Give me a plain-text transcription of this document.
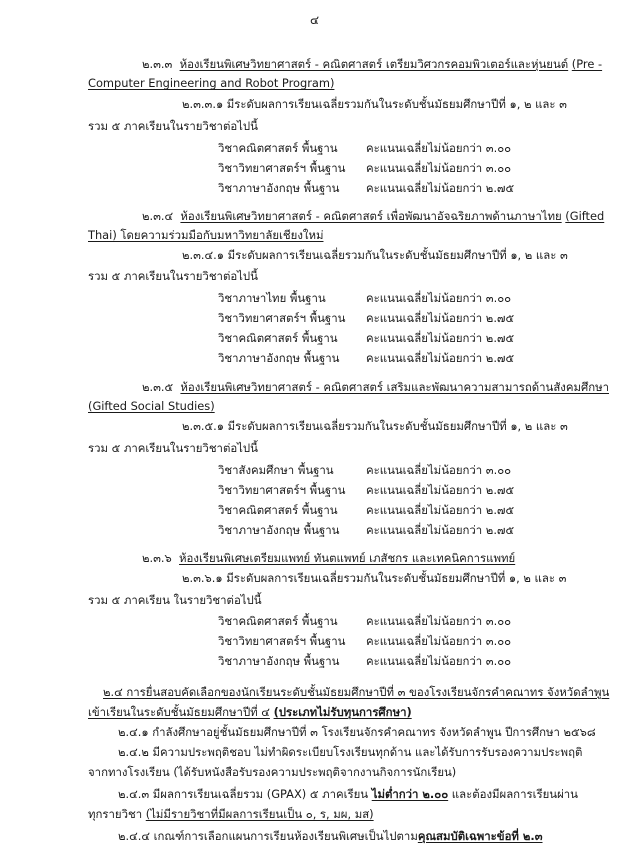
๔
๒.๓.๓ ห้องเรียนพิเศษวิทยาศาสตร์ - คณิตศาสตร์ เตรียมวิศวกรคอมพิวเตอร์และหุ่นยนต์ (Pre -
Computer Engineering and Robot Program)
๒.๓.๓.๑ มีระดับผลการเรียนเฉลี่ยรวมกันในระดับชั้นมัธยมศึกษาปีที่ ๑, ๒ และ ๓
รวม ๕ ภาคเรียนในรายวิชาต่อไปนี้
วิชาคณิตศาสตร์ พื้นฐาน คะแนนเฉลี่ยไม่น้อยกว่า ๓.๐๐
วิชาวิทยาศาสตร์ฯ พื้นฐาน คะแนนเฉลี่ยไม่น้อยกว่า ๓.๐๐
วิชาภาษาอังกฤษ พื้นฐาน คะแนนเฉลี่ยไม่น้อยกว่า ๒.๗๕
๒.๓.๔ ห้องเรียนพิเศษวิทยาศาสตร์ - คณิตศาสตร์ เพื่อพัฒนาอัจฉริยภาพด้านภาษาไทย (Gifted
Thai) โดยความร่วมมือกับมหาวิทยาลัยเชียงใหม่
๒.๓.๔.๑ มีระดับผลการเรียนเฉลี่ยรวมกันในระดับชั้นมัธยมศึกษาปีที่ ๑, ๒ และ ๓
รวม ๕ ภาคเรียนในรายวิชาต่อไปนี้
วิชาภาษาไทย พื้นฐาน	คะแนนเฉลี่ยไม่น้อยกว่า ๓.๐๐
วิชาวิทยาศาสตร์ฯ พื้นฐาน คะแนนเฉลี่ยไม่น้อยกว่า ๒.๗๕
วิชาคณิตศาสตร์ พื้นฐาน คะแนนเฉลี่ยไม่น้อยกว่า ๒.๗๕
วิชาภาษาอังกฤษ พื้นฐาน คะแนนเฉลี่ยไม่น้อยกว่า ๒.๗๕
๒.๓.๕ ห้องเรียนพิเศษวิทยาศาสตร์ - คณิตศาสตร์ เสริมและพัฒนาความสามารถด้านสังคมศึกษา
(Gifted Social Studies)
๒.๓.๕.๑ มีระดับผลการเรียนเฉลี่ยรวมกันในระดับชั้นมัธยมศึกษาปีที่ ๑, ๒ และ ๓
รวม ๕ ภาคเรียนในรายวิชาต่อไปนี้
วิชาสังคมศึกษา พื้นฐาน	คะแนนเฉลี่ยไม่น้อยกว่า ๓.๐๐
วิชาวิทยาศาสตร์ฯ พื้นฐาน คะแนนเฉลี่ยไม่น้อยกว่า ๒.๗๕
วิชาคณิตศาสตร์ พื้นฐาน คะแนนเฉลี่ยไม่น้อยกว่า ๒.๗๕
วิชาภาษาอังกฤษ พื้นฐาน คะแนนเฉลี่ยไม่น้อยกว่า ๒.๗๕
๒.๓.๖ ห้องเรียนพิเศษเตรียมแพทย์ ทันตแพทย์ เภสัชกร และเทคนิคการแพทย์
๒.๓.๖.๑ มีระดับผลการเรียนเฉลี่ยรวมกันในระดับชั้นมัธยมศึกษาปีที่ ๑, ๒ และ ๓
รวม ๕ ภาคเรียน ในรายวิชาต่อไปนี้
วิชาคณิตศาสตร์ พื้นฐาน คะแนนเฉลี่ยไม่น้อยกว่า ๓.๐๐
วิชาวิทยาศาสตร์ฯ พื้นฐาน คะแนนเฉลี่ยไม่น้อยกว่า ๓.๐๐
วิชาภาษาอังกฤษ พื้นฐาน คะแนนเฉลี่ยไม่น้อยกว่า ๓.๐๐
๒.๔ การยื่นสอบคัดเลือกของนักเรียนระดับชั้นมัธยมศึกษาปีที่ ๓ ของโรงเรียนจักรคำคณาทร จังหวัดลำพูน
เข้าเรียนในระดับชั้นมัธยมศึกษาปีที่ ๔ (ประเภทไม่รับทุนการศึกษา)
๒.๔.๑ กำลังศึกษาอยู่ชั้นมัธยมศึกษาปีที่ ๓ โรงเรียนจักรคำคณาทร จังหวัดลำพูน ปีการศึกษา ๒๕๖๘
๒.๔.๒ มีความประพฤติชอบ ไม่ทำผิดระเบียบโรงเรียนทุกด้าน และได้รับการรับรองความประพฤติ
จากทางโรงเรียน (ได้รับหนังสือรับรองความประพฤติจากงานกิจการนักเรียน)
๒.๔.๓ มีผลการเรียนเฉลี่ยรวม (GPAX) ๕ ภาคเรียน ไม่ต่ำกว่า ๒.๐๐ และต้องมีผลการเรียนผ่าน
ทุกรายวิชา (ไม่มีรายวิชาที่มีผลการเรียนเป็น ๐, ร, มผ, มส)
๒.๔.๔ เกณฑ์การเลือกแผนการเรียนห้องเรียนพิเศษเป็นไปตามคุณสมบัติเฉพาะข้อที่ ๒.๓
